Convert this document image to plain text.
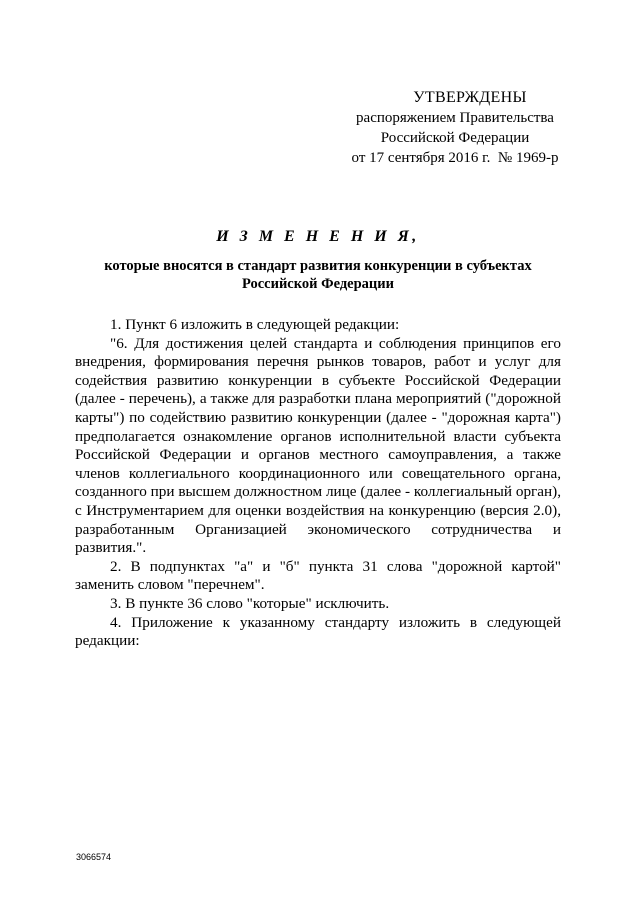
УТВЕРЖДЕНЫ
распоряжением Правительства
Российской Федерации
от 17 сентября 2016 г.  № 1969-р
И З М Е Н Е Н И Я,
которые вносятся в стандарт развития конкуренции в субъектах Российской Федерации

1. Пункт 6 изложить в следующей редакции:

"6. Для достижения целей стандарта и соблюдения принципов его внедрения, формирования перечня рынков товаров, работ и услуг для содействия развитию конкуренции в субъекте Российской Федерации (далее - перечень), а также для разработки плана мероприятий ("дорожной карты") по содействию развитию конкуренции (далее - "дорожная карта") предполагается ознакомление органов исполнительной власти субъекта Российской Федерации и органов местного самоуправления, а также членов коллегиального координационного или совещательного органа, созданного при высшем должностном лице (далее - коллегиальный орган), с Инструментарием для оценки воздействия на конкуренцию (версия 2.0), разработанным Организацией экономического сотрудничества и развития.".

2. В подпунктах "а" и "б" пункта 31 слова "дорожной картой" заменить словом "перечнем".

3. В пункте 36 слово "которые" исключить.

4. Приложение к указанному стандарту изложить в следующей редакции:

3066574
